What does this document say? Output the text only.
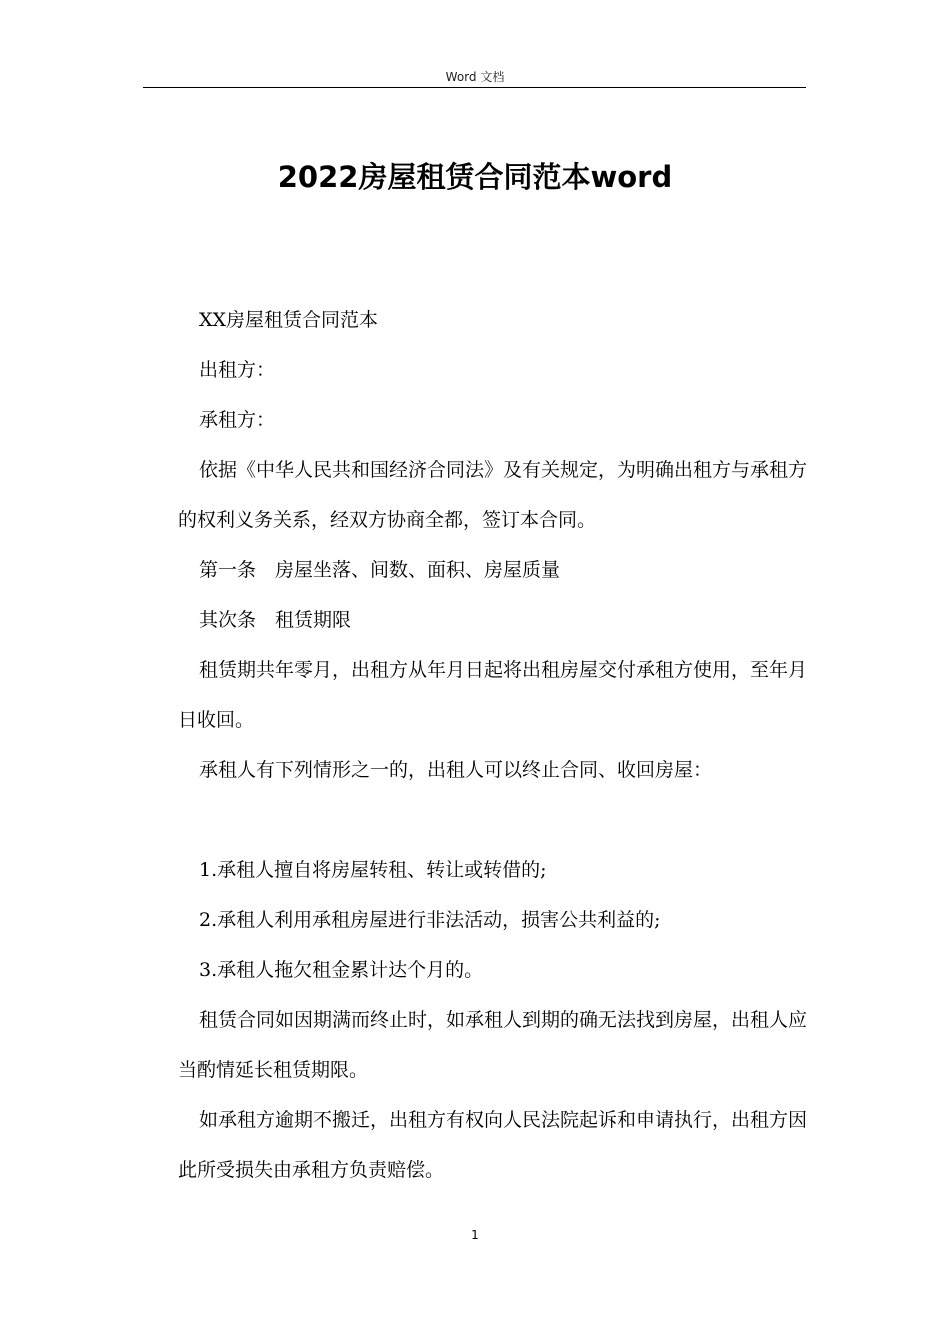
Word 文档
2022房屋租赁合同范本word

XX房屋租赁合同范本

出租方：

承租方：

依据《中华人民共和国经济合同法》及有关规定，为明确出租方与承租方的权利义务关系，经双方协商全都，签订本合同。

第一条　房屋坐落、间数、面积、房屋质量

其次条　租赁期限

租赁期共年零月，出租方从年月日起将出租房屋交付承租方使用，至年月日收回。

承租人有下列情形之一的，出租人可以终止合同、收回房屋：

1.承租人擅自将房屋转租、转让或转借的;

2.承租人利用承租房屋进行非法活动，损害公共利益的;

3.承租人拖欠租金累计达个月的。

租赁合同如因期满而终止时，如承租人到期的确无法找到房屋，出租人应当酌情延长租赁期限。

如承租方逾期不搬迁，出租方有权向人民法院起诉和申请执行，出租方因此所受损失由承租方负责赔偿。

1
